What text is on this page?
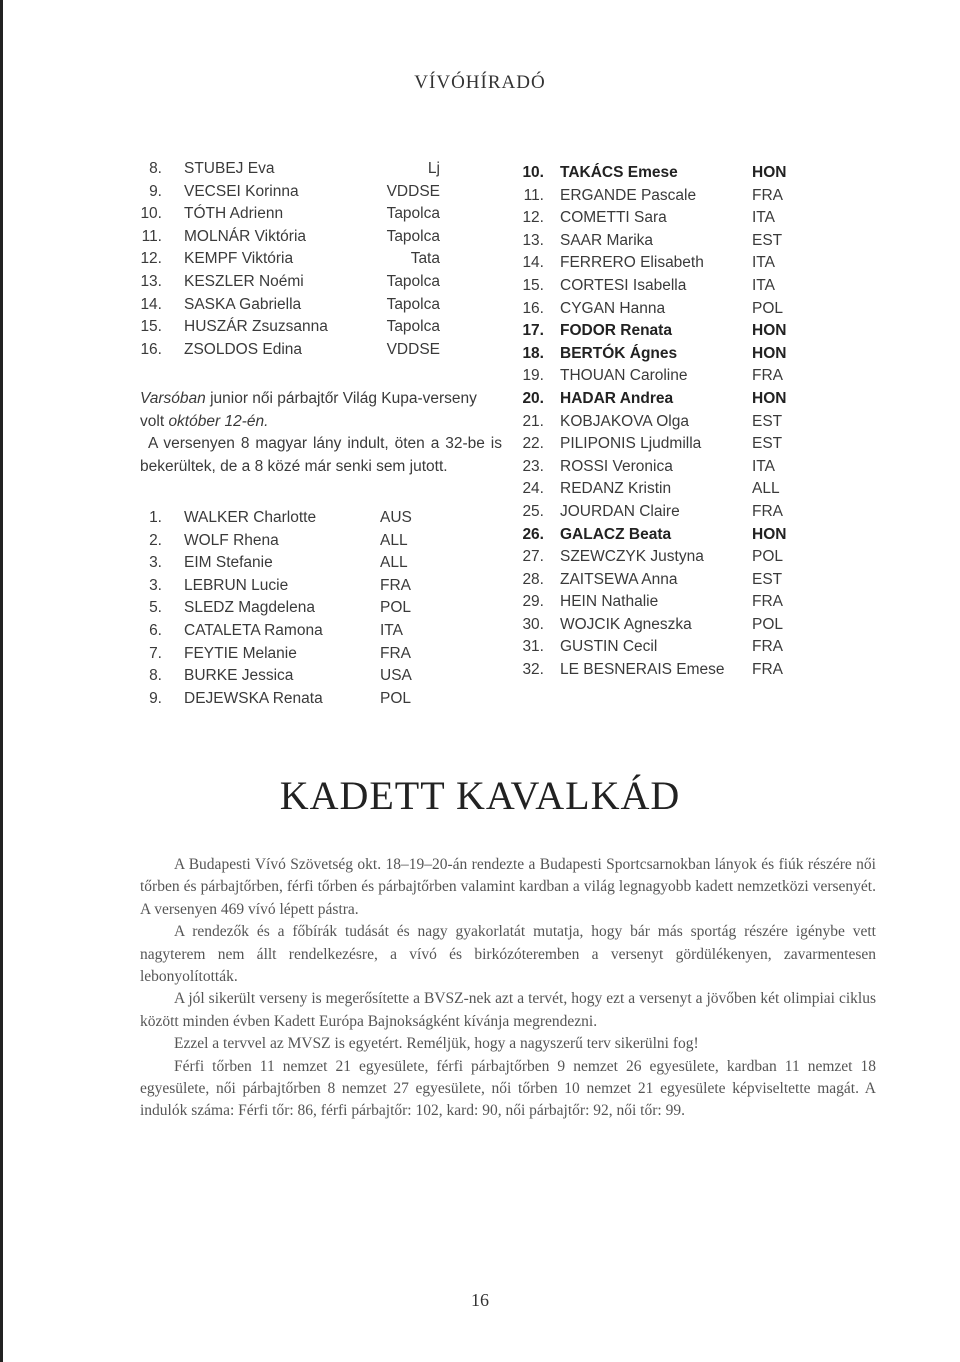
VÍVÓHÍRADÓ
8. STUBEJ Eva	Lj
9. VECSEI Korinna	VDDSE
10. TÓTH Adrienn	Tapolca
11. MOLNÁR Viktória	Tapolca
12. KEMPF Viktória	Tata
13. KESZLER Noémi	Tapolca
14. SASKA Gabriella	Tapolca
15. HUSZÁR Zsuzsanna	Tapolca
16. ZSOLDOS Edina	VDDSE

Varsóban junior női párbajtőr Világ Kupa-verseny volt október 12-én.

A versenyen 8 magyar lány indult, öten a 32-be is bekerültek, de a 8 közé már senki sem jutott.

1. WALKER Charlotte	AUS
2. WOLF Rhena	ALL
3. EIM Stefanie	ALL
3. LEBRUN Lucie	FRA
5. SLEDZ Magdelena	POL
6. CATALETA Ramona	ITA
7. FEYTIE Melanie	FRA
8. BURKE Jessica	USA
9. DEJEWSKA Renata	POL
10. TAKÁCS Emese	HON
11. ERGANDE Pascale	FRA
12. COMETTI Sara	ITA
13. SAAR Marika	EST
14. FERRERO Elisabeth	ITA
15. CORTESI Isabella	ITA
16. CYGAN Hanna	POL
17. FODOR Renata	HON
18. BERTÓK Ágnes	HON
19. THOUAN Caroline	FRA
20. HADAR Andrea	HON
21. KOBJAKOVA Olga	EST
22. PILIPONIS Ljudmilla	EST
23. ROSSI Veronica	ITA
24. REDANZ Kristin	ALL
25. JOURDAN Claire	FRA
26. GALACZ Beata	HON
27. SZEWCZYK Justyna	POL
28. ZAITSEWA Anna	EST
29. HEIN Nathalie	FRA
30. WOJCIK Agneszka	POL
31. GUSTIN Cecil	FRA
32. LE BESNERAIS Emese FRA
KADETT KAVALKÁD

A Budapesti Vívó Szövetség okt. 18–19–20-án rendezte a Budapesti Sportcsarnokban lányok és fiúk részére női tőrben és párbajtőrben, férfi tőrben és párbajtőrben valamint kardban a világ legnagyobb kadett nemzetközi versenyét. A versenyen 469 vívó lépett pástra.

A rendezők és a főbírák tudását és nagy gyakorlatát mutatja, hogy bár más sportág részére igénybe vett nagyterem nem állt rendelkezésre, a vívó és birkózóteremben a versenyt gördülékenyen, zavarmentesen lebonyolították.

A jól sikerült verseny is megerősítette a BVSZ-nek azt a tervét, hogy ezt a versenyt a jövőben két olimpiai ciklus között minden évben Kadett Európa Bajnokságként kívánja megrendezni.

Ezzel a tervvel az MVSZ is egyetért. Reméljük, hogy a nagyszerű terv sikerülni fog!

Férfi tőrben 11 nemzet 21 egyesülete, férfi párbajtőrben 9 nemzet 26 egyesülete, kardban 11 nemzet 18 egyesülete, női párbajtőrben 8 nemzet 27 egyesülete, női tőrben 10 nemzet 21 egyesülete képviseltette magát. A indulók száma: Férfi tőr: 86, férfi párbajtőr: 102, kard: 90, női párbajtőr: 92, női tőr: 99.

16
